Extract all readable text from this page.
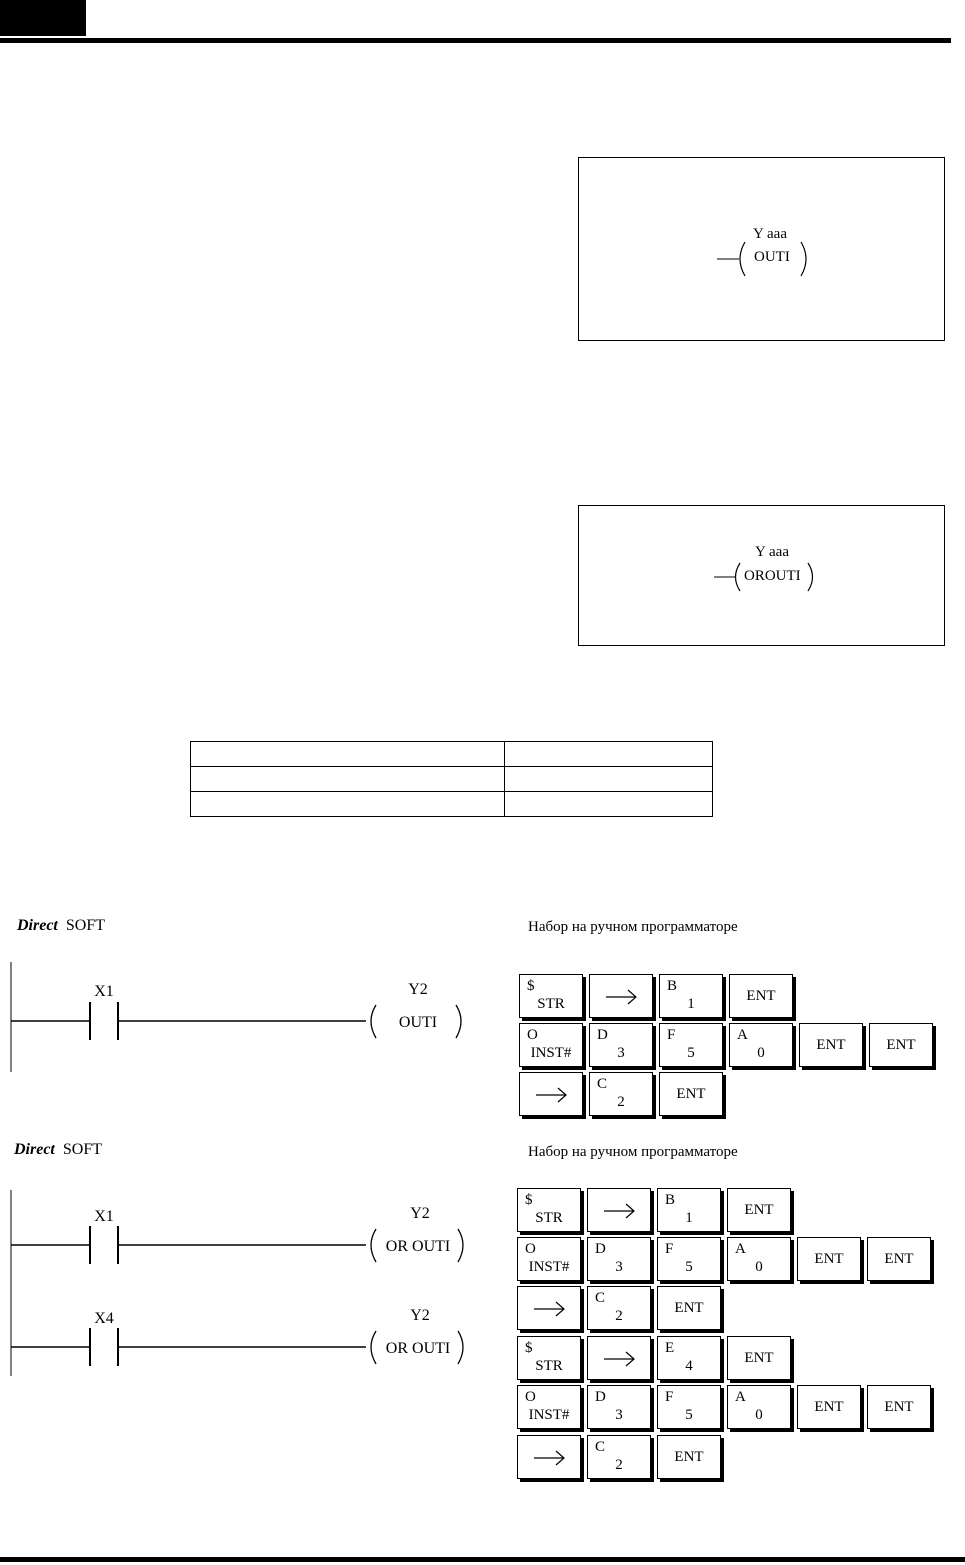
Y aaa
OUTI
Y aaa
OROUTI

Direct SOFT	Набор на ручном программаторе
X1	Y2
OUTI
$
STR
B
1	ENT
O
INST#
D
3
F
5
A
0	ENT	ENT
C
2	ENT
Direct SOFT	Набор на ручном программаторе
X1	Y2
OR OUTI
X4	Y2
OR OUTI
$
STR
B
1	ENT
O
INST#
D
3
F
5
A
0	ENT	ENT
C
2	ENT
$
STR
E
4	ENT
O
INST#
D
3
F
5
A
0	ENT	ENT
C
2	ENT
